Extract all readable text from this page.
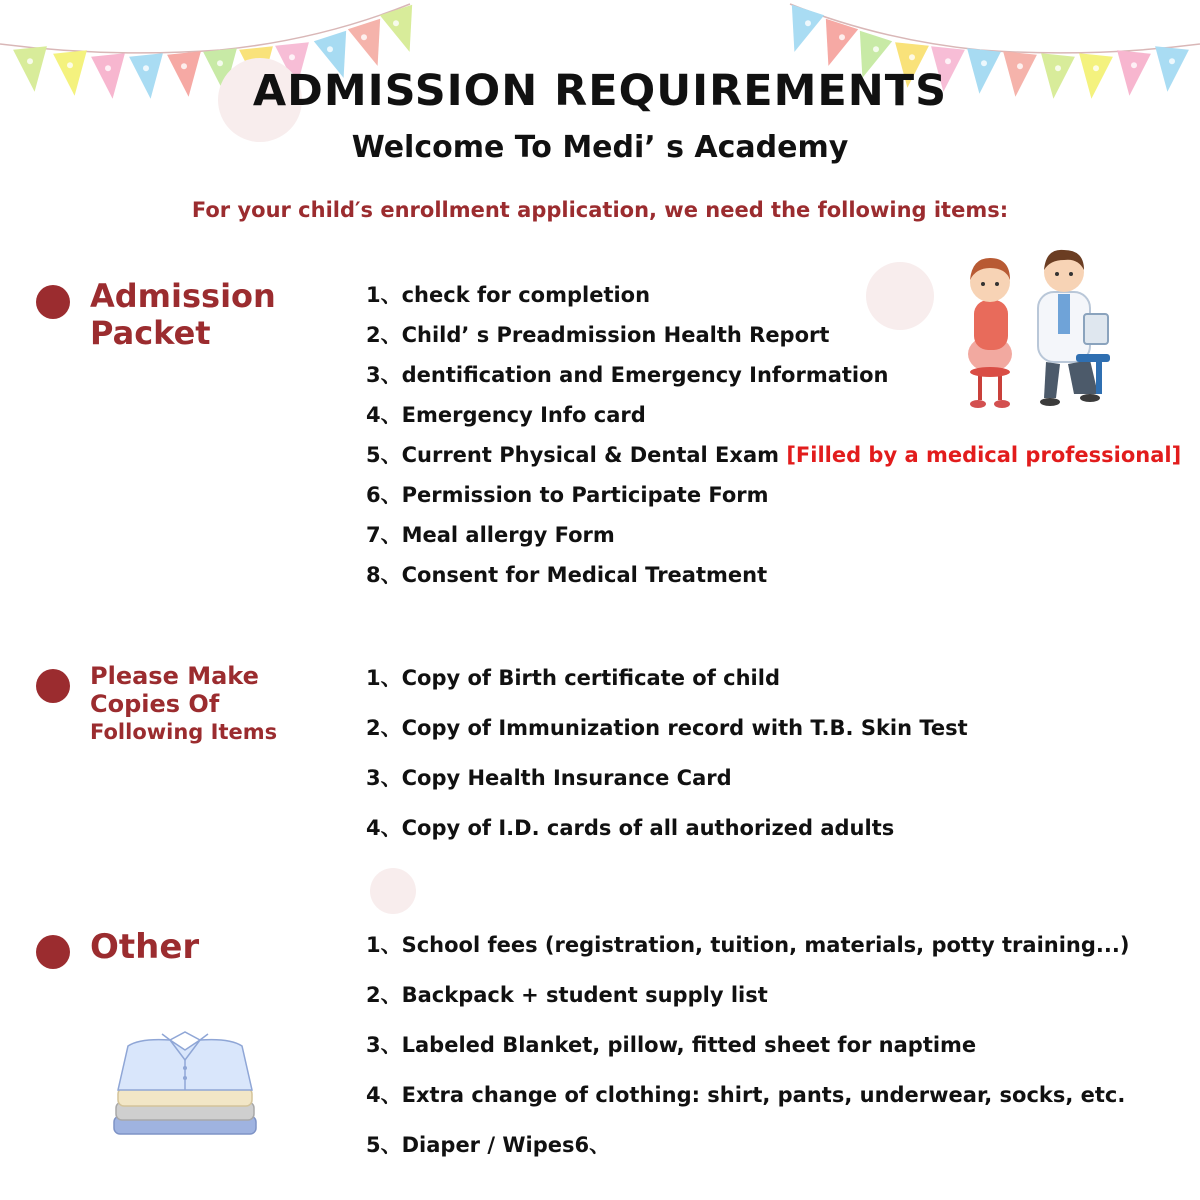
ADMISSION REQUIREMENTS
Welcome To Medi’ s Academy
For your child′s enrollment application, we need the following items:
Admission
Packet
1、check for completion
2、Child’ s Preadmission Health Report
3、dentification and Emergency Information
4、Emergency Info card
5、Current Physical & Dental Exam [Filled by a medical professional]
6、Permission to Participate Form
7、Meal allergy Form
8、Consent for Medical Treatment
Please Make
Copies Of
Following Items
1、Copy of Birth certificate of child
2、Copy of Immunization record with T.B. Skin Test
3、Copy Health Insurance Card
4、Copy of I.D. cards of all authorized adults
Other	1、School fees (registration, tuition, materials, potty training...)
2、Backpack + student supply list
3、Labeled Blanket, pillow, fitted sheet for naptime
4、Extra change of clothing: shirt, pants, underwear, socks, etc.
5、Diaper / Wipes6、
